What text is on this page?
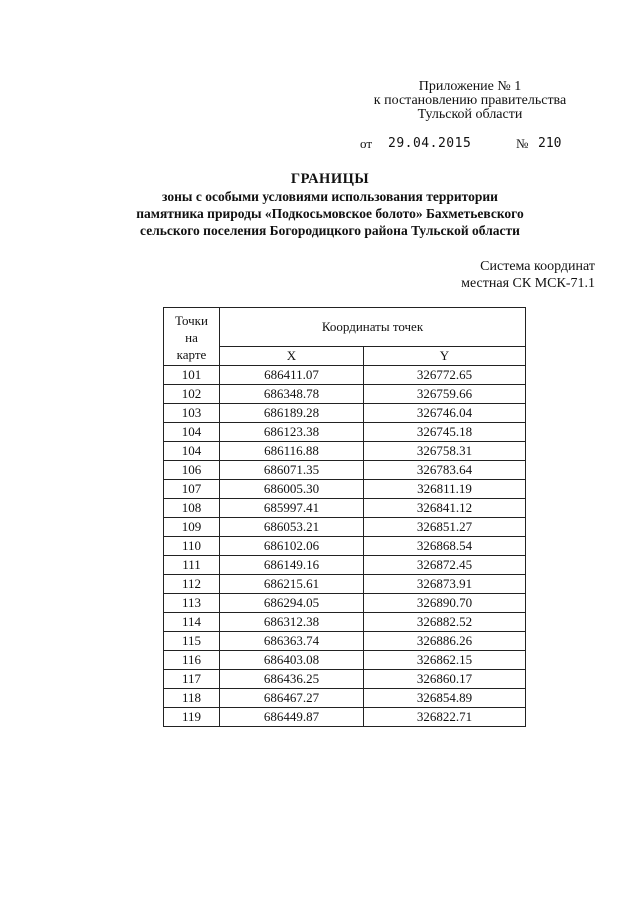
Приложение № 1
к постановлению правительства
Тульской области
от 29.04.2015	№ 210
ГРАНИЦЫ
зоны с особыми условиями использования территории
памятника природы «Подкосьмовское болото» Бахметьевского
сельского поселения Богородицкого района Тульской области
Система координат
местная СК МСК-71.1
Точки
на
карте	Координаты точек	
	X	Y
101	686411.07	326772.65
102	686348.78	326759.66
103	686189.28	326746.04
104	686123.38	326745.18
104	686116.88	326758.31
106	686071.35	326783.64
107	686005.30	326811.19
108	685997.41	326841.12
109	686053.21	326851.27
110	686102.06	326868.54
111	686149.16	326872.45
112	686215.61	326873.91
113	686294.05	326890.70
114	686312.38	326882.52
115	686363.74	326886.26
116	686403.08	326862.15
117	686436.25	326860.17
118	686467.27	326854.89
119	686449.87	326822.71
